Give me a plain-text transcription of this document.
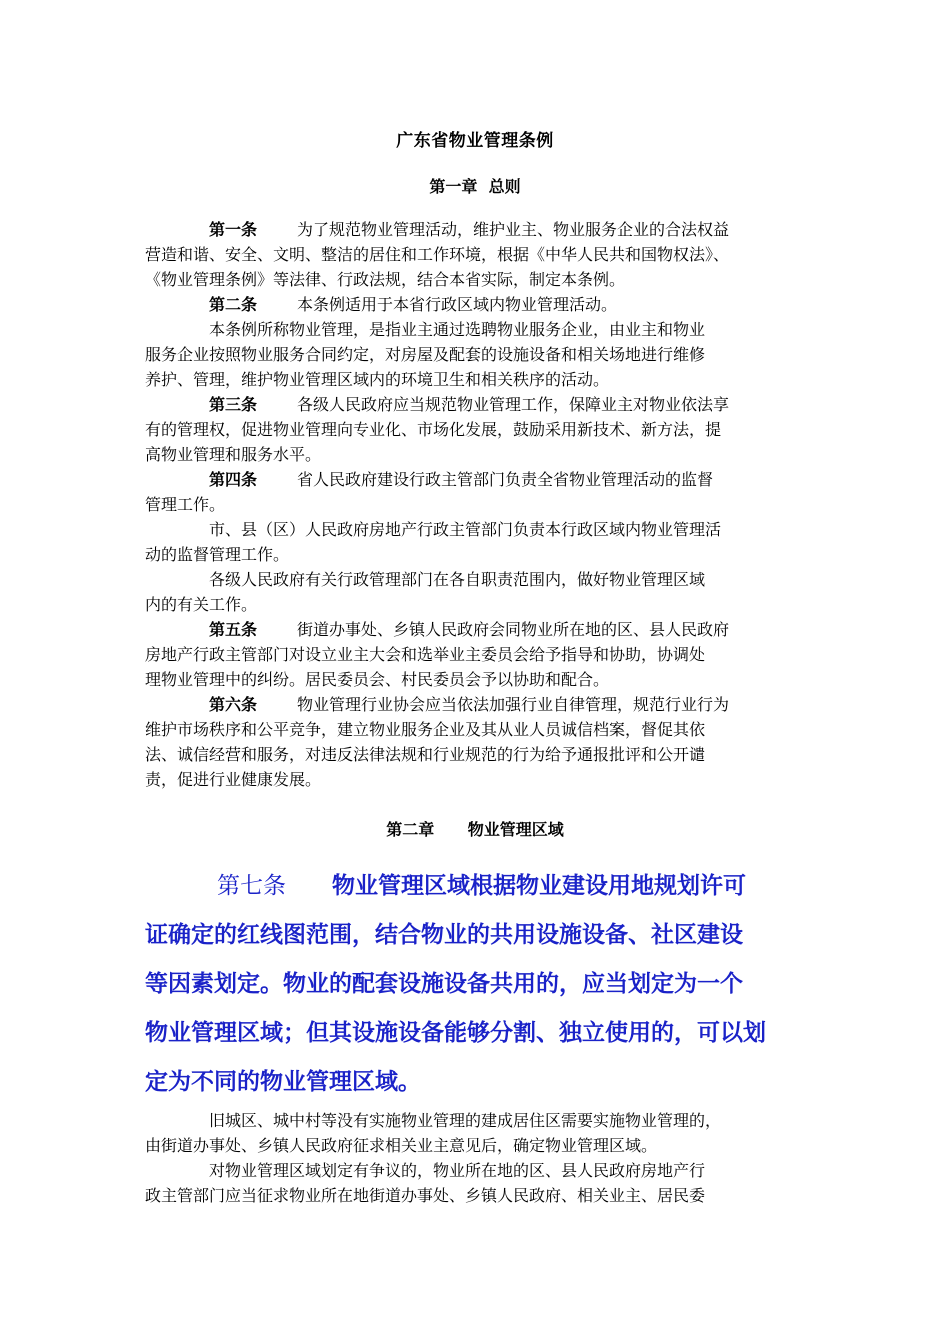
广东省物业管理条例
第一章  总则
第一条 为了规范物业管理活动，维护业主、物业服务企业的合法权益
营造和谐、安全、文明、整洁的居住和工作环境，根据《中华人民共和国物权法》、
《物业管理条例》等法律、行政法规，结合本省实际，制定本条例。
第二条 本条例适用于本省行政区域内物业管理活动。
本条例所称物业管理，是指业主通过选聘物业服务企业，由业主和物业
服务企业按照物业服务合同约定，对房屋及配套的设施设备和相关场地进行维修
养护、管理，维护物业管理区域内的环境卫生和相关秩序的活动。
第三条 各级人民政府应当规范物业管理工作，保障业主对物业依法享
有的管理权，促进物业管理向专业化、市场化发展，鼓励采用新技术、新方法，提
高物业管理和服务水平。
第四条 省人民政府建设行政主管部门负责全省物业管理活动的监督
管理工作。
市、县（区）人民政府房地产行政主管部门负责本行政区域内物业管理活
动的监督管理工作。
各级人民政府有关行政管理部门在各自职责范围内，做好物业管理区域
内的有关工作。
第五条 街道办事处、乡镇人民政府会同物业所在地的区、县人民政府
房地产行政主管部门对设立业主大会和选举业主委员会给予指导和协助，协调处
理物业管理中的纠纷。居民委员会、村民委员会予以协助和配合。
第六条 物业管理行业协会应当依法加强行业自律管理，规范行业行为
维护市场秩序和公平竞争，建立物业服务企业及其从业人员诚信档案，督促其依
法、诚信经营和服务，对违反法律法规和行业规范的行为给予通报批评和公开谴
责，促进行业健康发展。
第二章      物业管理区域
第七条 物业管理区域根据物业建设用地规划许可
证确定的红线图范围，结合物业的共用设施设备、社区建设
等因素划定。物业的配套设施设备共用的，应当划定为一个
物业管理区域；但其设施设备能够分割、独立使用的，可以划
定为不同的物业管理区域。
旧城区、城中村等没有实施物业管理的建成居住区需要实施物业管理的，
由街道办事处、乡镇人民政府征求相关业主意见后，确定物业管理区域。
对物业管理区域划定有争议的，物业所在地的区、县人民政府房地产行
政主管部门应当征求物业所在地街道办事处、乡镇人民政府、相关业主、居民委
